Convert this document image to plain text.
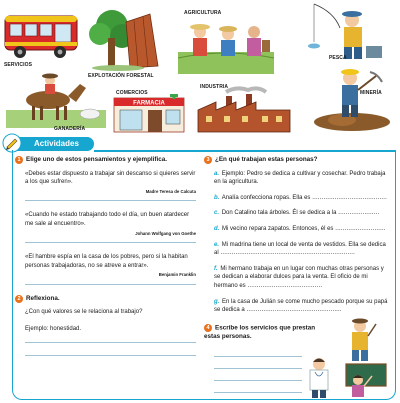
SERVICIOS
EXPLOTACIÓN FORESTAL
AGRICULTURA
PESCA
FARMACIA
COMERCIOS
INDUSTRIA
MINERÍA
GANADERÍA
Actividades
1 Elige uno de estos pensamientos y ejemplifica.
«Debes estar dispuesto a trabajar sin descanso si quieres servir a los que sufren».
Madre Teresa de Calcuta
«Cuando he estado trabajando todo el día, un buen atardecer me sale al encuentro».
Johann Wolfgang von Goethe
«El hambre espía en la casa de los pobres, pero si la habitan personas trabajadoras, no se atreve a entrar».
Benjamin Franklin
2 Reflexiona.
¿Con qué valores se le relaciona al trabajo?
Ejemplo: honestidad.
3 ¿En qué trabajan estas personas?
a. Ejemplo: Pedro se dedica a cultivar y cosechar. Pedro trabaja en la agricultura.
b. Analía confecciona ropas. Ella es ........................................
c. Don Catalino tala árboles. Él se dedica a la ......................
d. Mi vecino repara zapatos. Entonces, él es ...........................
e. Mi madrina tiene un local de venta de vestidos. Ella se dedica al ........................................................................
f. Mi hermano trabaja en un lugar con muchas otras personas y se dedican a elaborar dulces para la venta. El oficio de mi hermano es ........................................
g. En la casa de Julián se come mucho pescado porque su papá se dedica a ...................................................
4 Escribe los servicios que prestan estas personas.
